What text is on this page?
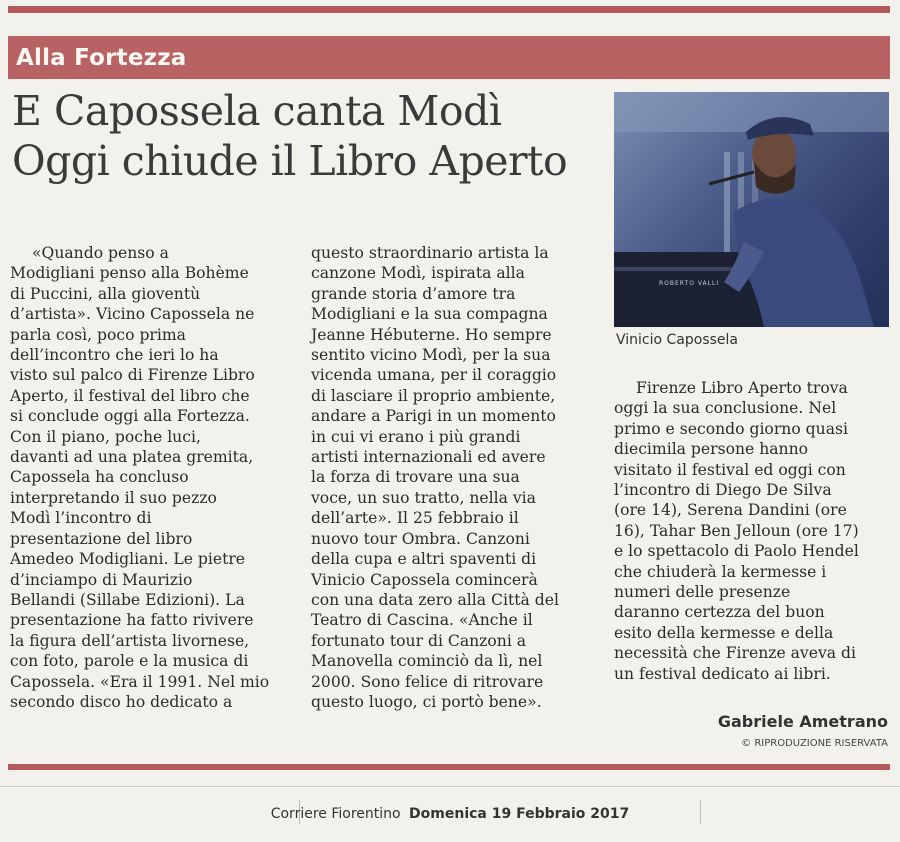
Alla Fortezza
E Capossela canta Modì
Oggi chiude il Libro Aperto
ROBERTO VALLI
Vinicio Capossela
«Quando penso a
Modigliani penso alla Bohème
di Puccini, alla gioventù
d’artista». Vicino Capossela ne
parla così, poco prima
dell’incontro che ieri lo ha
visto sul palco di Firenze Libro
Aperto, il festival del libro che
si conclude oggi alla Fortezza.
Con il piano, poche luci,
davanti ad una platea gremita,
Capossela ha concluso
interpretando il suo pezzo
Modì l’incontro di
presentazione del libro
Amedeo Modigliani. Le pietre
d’inciampo di Maurizio
Bellandi (Sillabe Edizioni). La
presentazione ha fatto rivivere
la figura dell’artista livornese,
con foto, parole e la musica di
Capossela. «Era il 1991. Nel mio
secondo disco ho dedicato a
questo straordinario artista la
canzone Modì, ispirata alla
grande storia d’amore tra
Modigliani e la sua compagna
Jeanne Hébuterne. Ho sempre
sentito vicino Modì, per la sua
vicenda umana, per il coraggio
di lasciare il proprio ambiente,
andare a Parigi in un momento
in cui vi erano i più grandi
artisti internazionali ed avere
la forza di trovare una sua
voce, un suo tratto, nella via
dell’arte». Il 25 febbraio il
nuovo tour Ombra. Canzoni
della cupa e altri spaventi di
Vinicio Capossela comincerà
con una data zero alla Città del
Teatro di Cascina. «Anche il
fortunato tour di Canzoni a
Manovella cominciò da lì, nel
2000. Sono felice di ritrovare
questo luogo, ci portò bene».
Firenze Libro Aperto trova
oggi la sua conclusione. Nel
primo e secondo giorno quasi
diecimila persone hanno
visitato il festival ed oggi con
l’incontro di Diego De Silva
(ore 14), Serena Dandini (ore
16), Tahar Ben Jelloun (ore 17)
e lo spettacolo di Paolo Hendel
che chiuderà la kermesse i
numeri delle presenze
daranno certezza del buon
esito della kermesse e della
necessità che Firenze aveva di
un festival dedicato ai libri.
Gabriele Ametrano
© RIPRODUZIONE RISERVATA
Corriere Fiorentino Domenica 19 Febbraio 2017
